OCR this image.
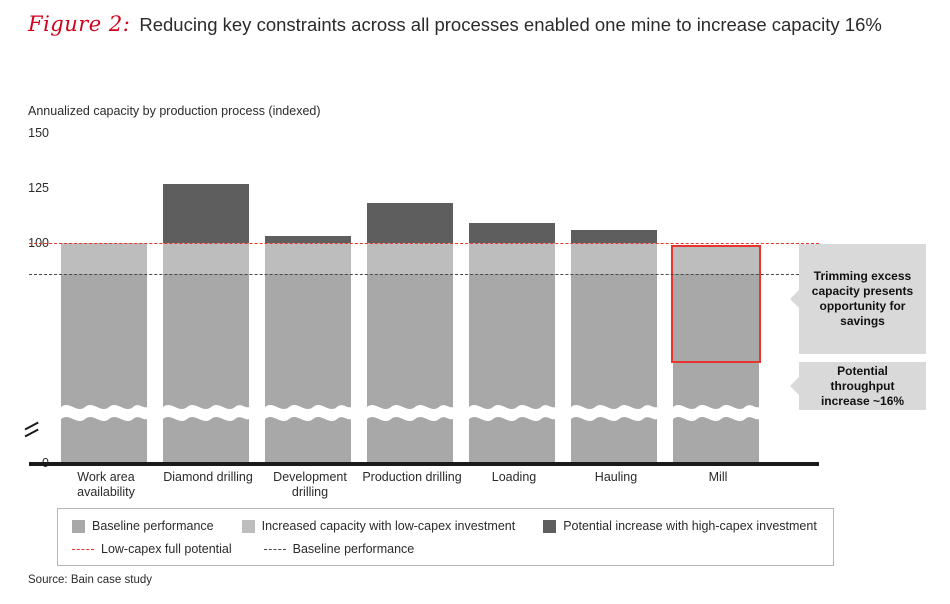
Figure 2: Reducing key constraints across all processes enabled one mine to increase capacity 16%
Annualized capacity by production process (indexed)
150
125
100
Work area availability
Diamond drilling	Development drilling
Production drilling	Loading	Hauling	Mill
Trimming excess capacity presents opportunity for savings
Potential throughput increase ~16%
Baseline performance	Increased capacity with low-capex investment	Potential increase with high-capex investment
Low-capex full potential	Baseline performance
Source: Bain case study
